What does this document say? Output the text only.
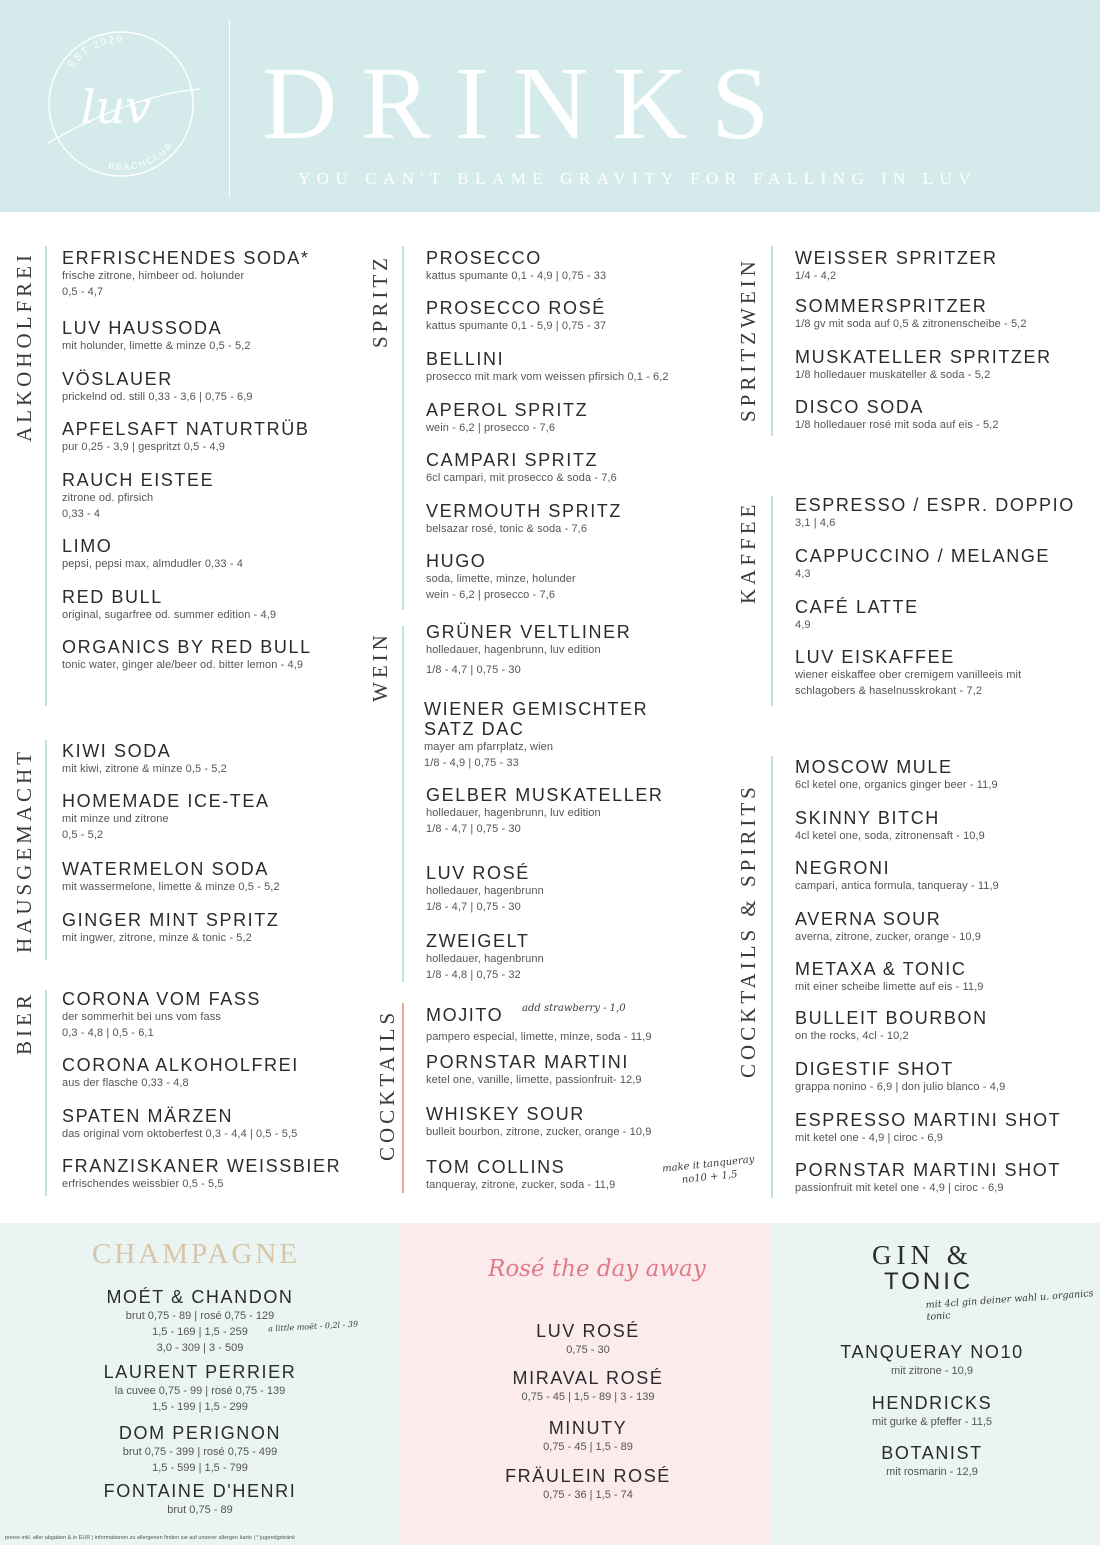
EST 2020
BEACHCLUB
luv DRINKS
YOU CAN'T BLAME GRAVITY FOR FALLING IN LUV
ALKOHOLFREI ERFRISCHENDES SODA*
frische zitrone, himbeer od. holunder
0,5 - 4,7
LUV HAUSSODA
mit holunder, limette & minze 0,5 - 5,2
VÖSLAUER
prickelnd od. still 0,33 - 3,6 | 0,75 - 6,9
APFELSAFT NATURTRÜB
pur 0,25 - 3,9 | gespritzt 0,5 - 4,9
RAUCH EISTEE
zitrone od. pfirsich
0,33 - 4
LIMO
pepsi, pepsi max, almdudler 0,33 - 4
RED BULL
original, sugarfree od. summer edition - 4,9
ORGANICS BY RED BULL
tonic water, ginger ale/beer od. bitter lemon - 4,9
HAUSGEMACHT KIWI SODA
mit kiwi, zitrone & minze 0,5 - 5,2
HOMEMADE ICE-TEA
mit minze und zitrone
0,5 - 5,2
WATERMELON SODA
mit wassermelone, limette & minze 0,5 - 5,2
GINGER MINT SPRITZ
mit ingwer, zitrone, minze & tonic - 5,2
BIER CORONA VOM FASS
der sommerhit bei uns vom fass
0,3 - 4,8 | 0,5 - 6,1
CORONA ALKOHOLFREI
aus der flasche 0,33 - 4,8
SPATEN MÄRZEN
das original vom oktoberfest 0,3 - 4,4 | 0,5 - 5,5
FRANZISKANER WEISSBIER
erfrischendes weissbier 0,5 - 5,5
SPRITZ PROSECCO
kattus spumante 0,1 - 4,9 | 0,75 - 33
PROSECCO ROSÉ
kattus spumante 0,1 - 5,9 | 0,75 - 37
BELLINI
prosecco mit mark vom weissen pfirsich 0,1 - 6,2
APEROL SPRITZ
wein - 6,2 | prosecco - 7,6
CAMPARI SPRITZ
6cl campari, mit prosecco & soda - 7,6
VERMOUTH SPRITZ
belsazar rosé, tonic & soda - 7,6
HUGO
soda, limette, minze, holunder
wein - 6,2 | prosecco - 7,6
WEIN GRÜNER VELTLINER
holledauer, hagenbrunn, luv edition
1/8 - 4,7 | 0,75 - 30
WIENER GEMISCHTER SATZ DAC
mayer am pfarrplatz, wien
1/8 - 4,9 | 0,75 - 33
GELBER MUSKATELLER
holledauer, hagenbrunn, luv edition
1/8 - 4,7 | 0,75 - 30
LUV ROSÉ
holledauer, hagenbrunn
1/8 - 4,7 | 0,75 - 30
ZWEIGELT
holledauer, hagenbrunn
1/8 - 4,8 | 0,75 - 32
COCKTAILS MOJITO
pampero especial, limette, minze, soda - 11,9
add strawberry - 1,0
PORNSTAR MARTINI
ketel one, vanille, limette, passionfruit- 12,9
WHISKEY SOUR
bulleit bourbon, zitrone, zucker, orange - 10,9
TOM COLLINS
tanqueray, zitrone, zucker, soda - 11,9
make it tanqueray no10 + 1,5
SPRITZWEIN WEISSER SPRITZER
1/4 - 4,2
SOMMERSPRITZER
1/8 gv mit soda auf 0,5 & zitronenscheibe - 5,2
MUSKATELLER SPRITZER
1/8 holledauer muskateller & soda - 5,2
DISCO SODA
1/8 holledauer rosé mit soda auf eis - 5,2
KAFFEE ESPRESSO / ESPR. DOPPIO
3,1 | 4,6
CAPPUCCINO / MELANGE
4,3
CAFÉ LATTE
4,9
LUV EISKAFFEE
wiener eiskaffee ober cremigem vanilleeis mit
schlagobers & haselnusskrokant - 7,2
COCKTAILS & SPIRITS
MOSCOW MULE
6cl ketel one, organics ginger beer - 11,9
SKINNY BITCH
4cl ketel one, soda, zitronensaft - 10,9
NEGRONI
campari, antica formula, tanqueray - 11,9
AVERNA SOUR
averna, zitrone, zucker, orange - 10,9
METAXA & TONIC
mit einer scheibe limette auf eis - 11,9
BULLEIT BOURBON
on the rocks, 4cl - 10,2
DIGESTIF SHOT
grappa nonino - 6,9 | don julio blanco - 4,9
ESPRESSO MARTINI SHOT
mit ketel one - 4,9 | ciroc - 6,9
PORNSTAR MARTINI SHOT
passionfruit mit ketel one - 4,9 | ciroc - 6,9
CHAMPAGNE
MOÉT & CHANDON
brut 0,75 - 89 | rosé 0,75 - 129
1,5 - 169 | 1,5 - 259
3,0 - 309 | 3 - 509
a little moët - 0,2l - 39
LAURENT PERRIER
la cuvee 0,75 - 99 | rosé 0,75 - 139
1,5 - 199 | 1,5 - 299
DOM PERIGNON
brut 0,75 - 399 | rosé 0,75 - 499
1,5 - 599 | 1,5 - 799
FONTAINE D'HENRI
brut 0,75 - 89
Rosé the day away
LUV ROSÉ
0,75 - 30
MIRAVAL ROSÉ
0,75 - 45 | 1,5 - 89 | 3 - 139
MINUTY
0,75 - 45 | 1,5 - 89
FRÄULEIN ROSÉ
0,75 - 36 | 1,5 - 74
GIN &
TONIC
mit 4cl gin deiner wahl u. organics tonic
TANQUERAY NO10
mit zitrone - 10,9
HENDRICKS
mit gurke & pfeffer - 11,5
BOTANIST
mit rosmarin - 12,9
preise inkl. aller abgaben & in EUR | informationen zu allergenen finden sie auf unserer allergen karte | * jugendgetränk
